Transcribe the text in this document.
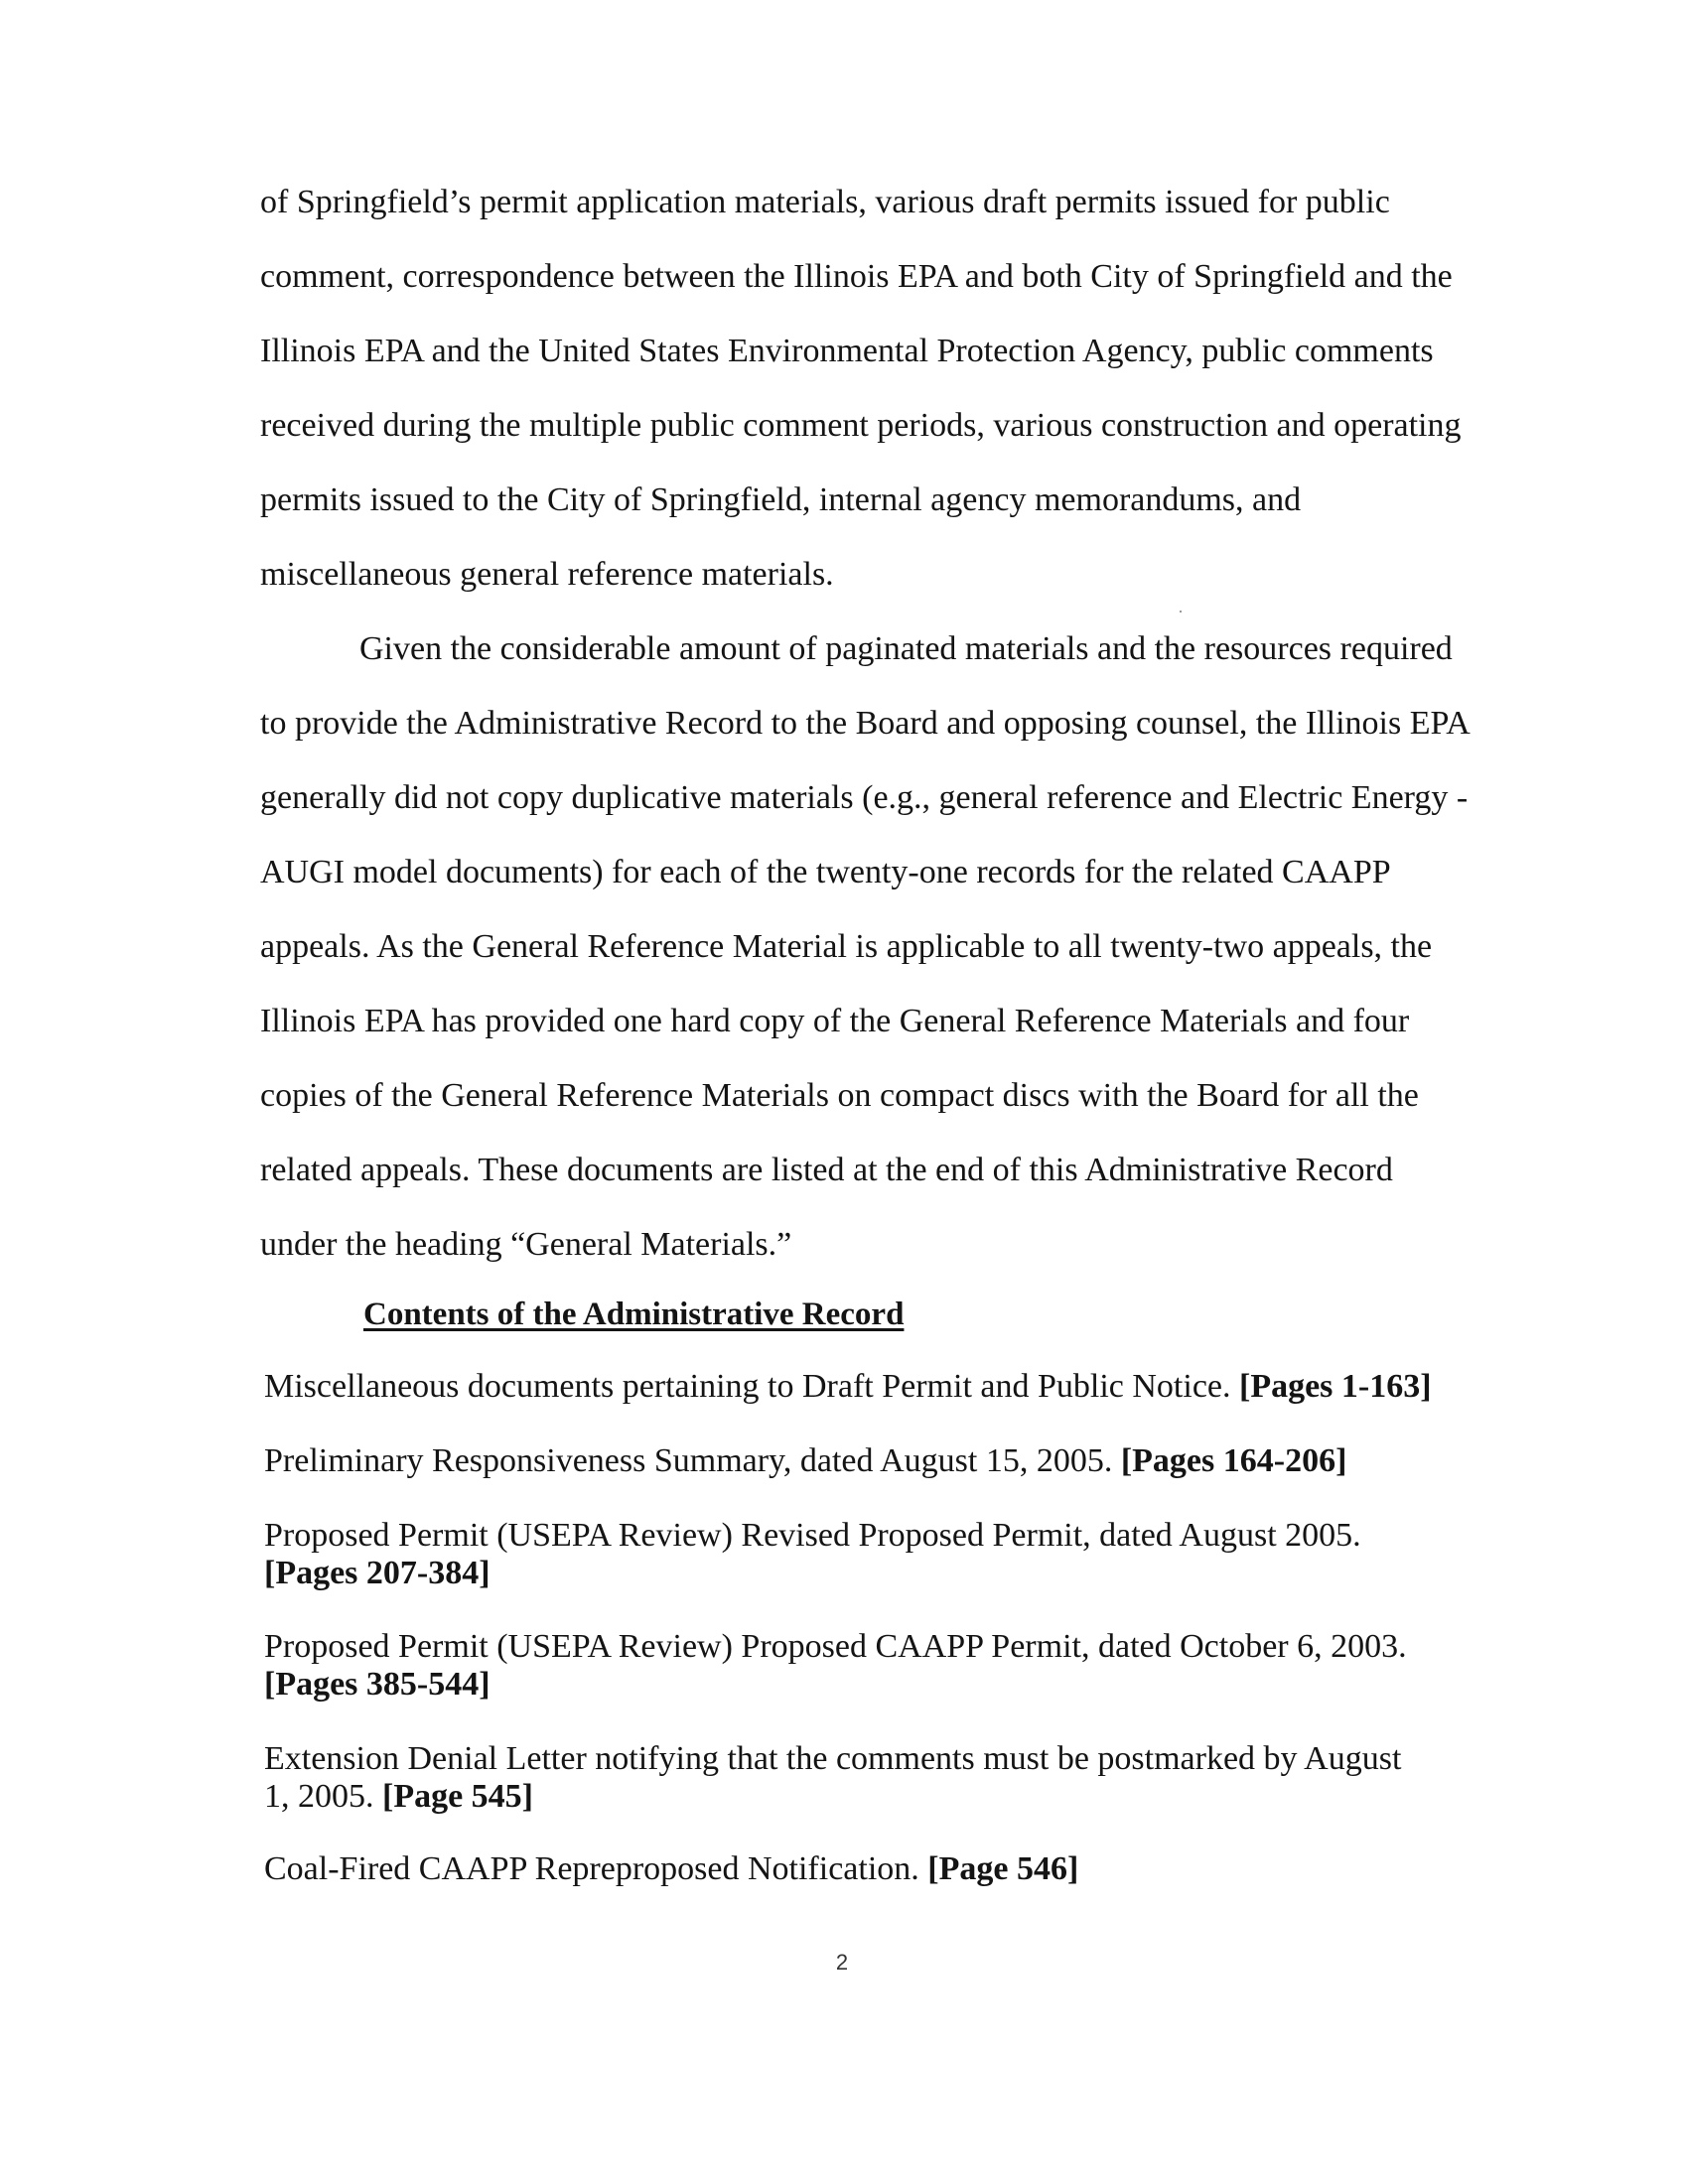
of Springfield’s permit application materials, various draft permits issued for public
comment, correspondence between the Illinois EPA and both City of Springfield and the
Illinois EPA and the United States Environmental Protection Agency, public comments
received during the multiple public comment periods, various construction and operating
permits issued to the City of Springfield, internal agency memorandums, and
miscellaneous general reference materials.
Given the considerable amount of paginated materials and the resources required
to provide the Administrative Record to the Board and opposing counsel, the Illinois EPA
generally did not copy duplicative materials (e.g., general reference and Electric Energy -
AUGI model documents) for each of the twenty-one records for the related CAAPP
appeals. As the General Reference Material is applicable to all twenty-two appeals, the
Illinois EPA has provided one hard copy of the General Reference Materials and four
copies of the General Reference Materials on compact discs with the Board for all the
related appeals. These documents are listed at the end of this Administrative Record
under the heading “General Materials.”
Contents of the Administrative Record
Miscellaneous documents pertaining to Draft Permit and Public Notice. [Pages 1-163]
Preliminary Responsiveness Summary, dated August 15, 2005. [Pages 164-206]
Proposed Permit (USEPA Review) Revised Proposed Permit, dated August 2005. [Pages 207-384]
Proposed Permit (USEPA Review) Proposed CAAPP Permit, dated October 6, 2003. [Pages 385-544]
Extension Denial Letter notifying that the comments must be postmarked by August 1, 2005. [Page 545]
Coal-Fired CAAPP Repreproposed Notification. [Page 546]
2
